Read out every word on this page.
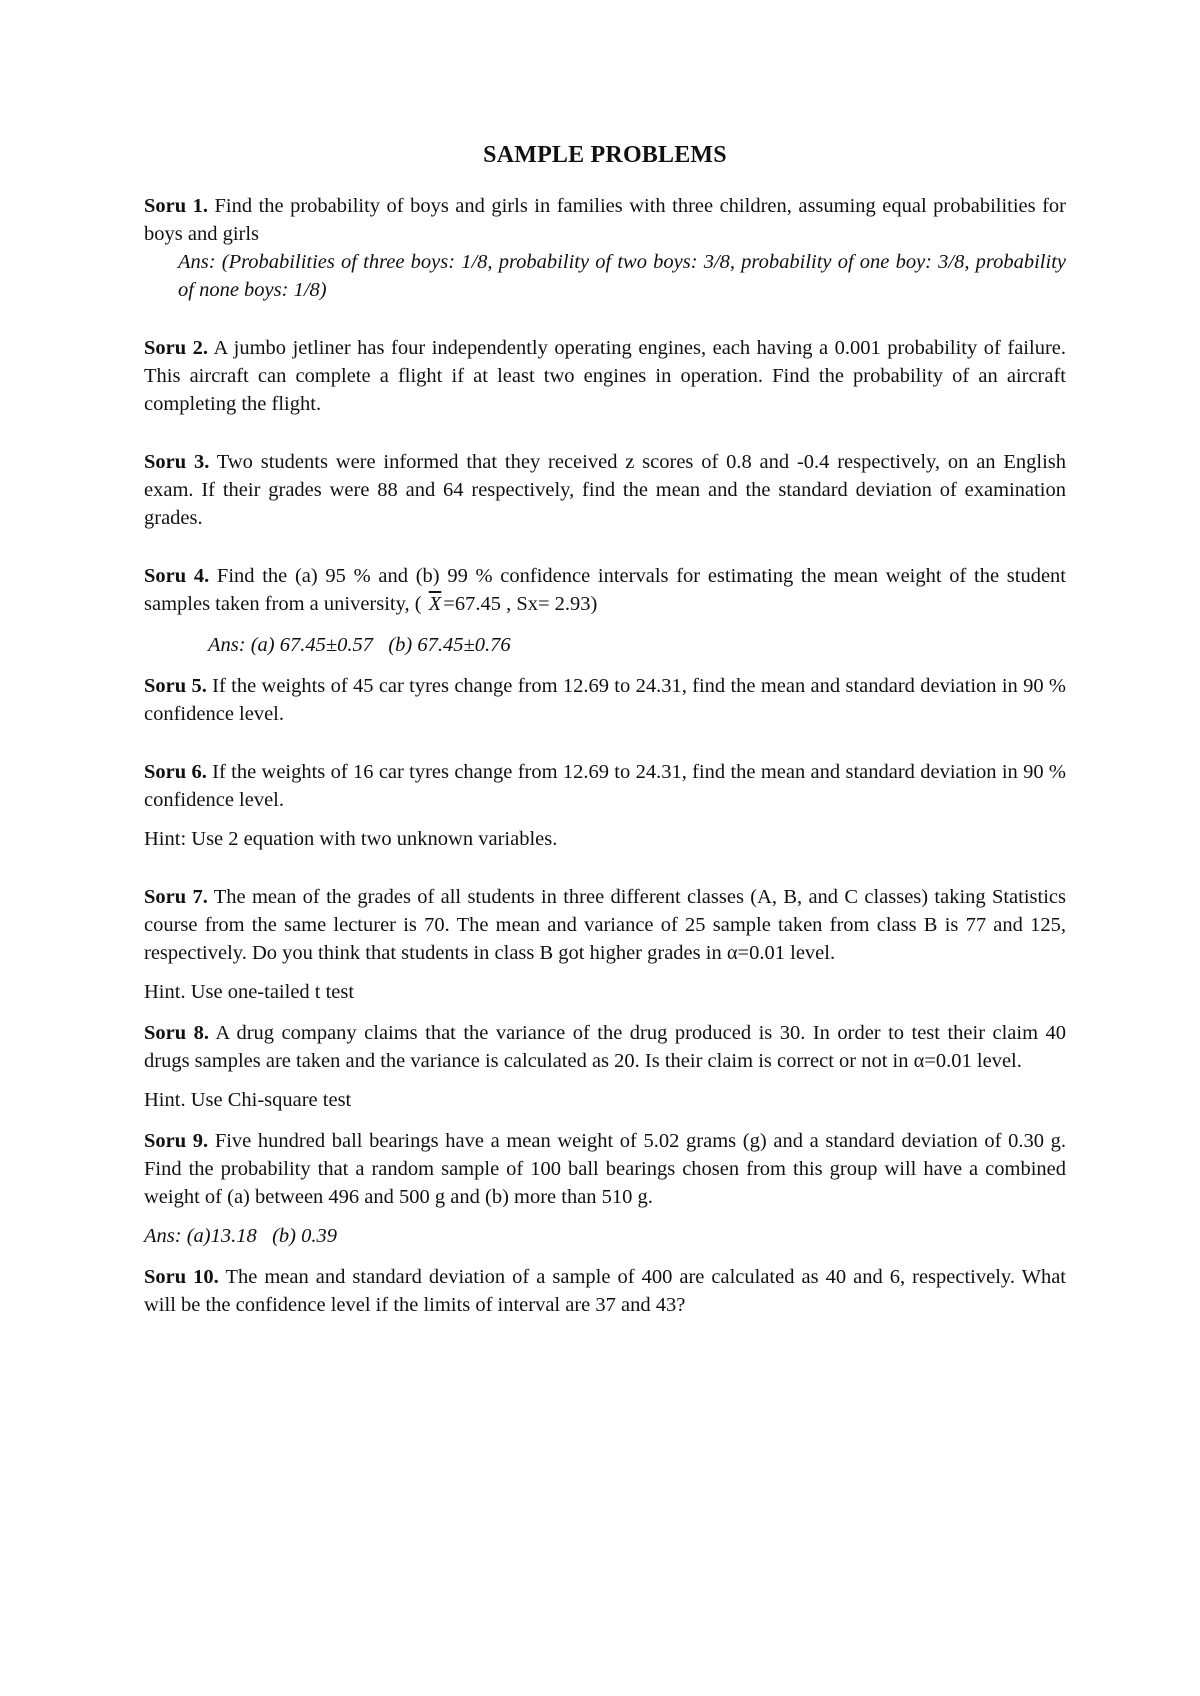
SAMPLE PROBLEMS

Soru 1. Find the probability of boys and girls in families with three children, assuming equal probabilities for boys and girls

Ans: (Probabilities of three boys: 1/8, probability of two boys: 3/8, probability of one boy: 3/8, probability of none boys: 1/8)

Soru 2. A jumbo jetliner has four independently operating engines, each having a 0.001 probability of failure. This aircraft can complete a flight if at least two engines in operation. Find the probability of an aircraft completing the flight.

Soru 3. Two students were informed that they received z scores of 0.8 and -0.4 respectively, on an English exam. If their grades were 88 and 64 respectively, find the mean and the standard deviation of examination grades.

Soru 4. Find the (a) 95 % and (b) 99 % confidence intervals for estimating the mean weight of the student samples taken from a university, ( $\overline{X}=67.45$ , Sx= 2.93)

Ans: (a) 67.45±0.57   (b) 67.45±0.76

Soru 5. If the weights of 45 car tyres change from 12.69 to 24.31, find the mean and standard deviation in 90 % confidence level.

Soru 6. If the weights of 16 car tyres change from 12.69 to 24.31, find the mean and standard deviation in 90 % confidence level.

Hint: Use 2 equation with two unknown variables.

Soru 7. The mean of the grades of all students in three different classes (A, B, and C classes) taking Statistics course from the same lecturer is 70. The mean and variance of 25 sample taken from class B is 77 and 125, respectively. Do you think that students in class B got higher grades in α=0.01 level.

Hint. Use one-tailed t test

Soru 8. A drug company claims that the variance of the drug produced is 30. In order to test their claim 40 drugs samples are taken and the variance is calculated as 20. Is their claim is correct or not in α=0.01 level.

Hint. Use Chi-square test

Soru 9. Five hundred ball bearings have a mean weight of 5.02 grams (g) and a standard deviation of 0.30 g. Find the probability that a random sample of 100 ball bearings chosen from this group will have a combined weight of (a) between 496 and 500 g and (b) more than 510 g.

Ans: (a)13.18   (b) 0.39

Soru 10. The mean and standard deviation of a sample of 400 are calculated as 40 and 6, respectively. What will be the confidence level if the limits of interval are 37 and 43?
